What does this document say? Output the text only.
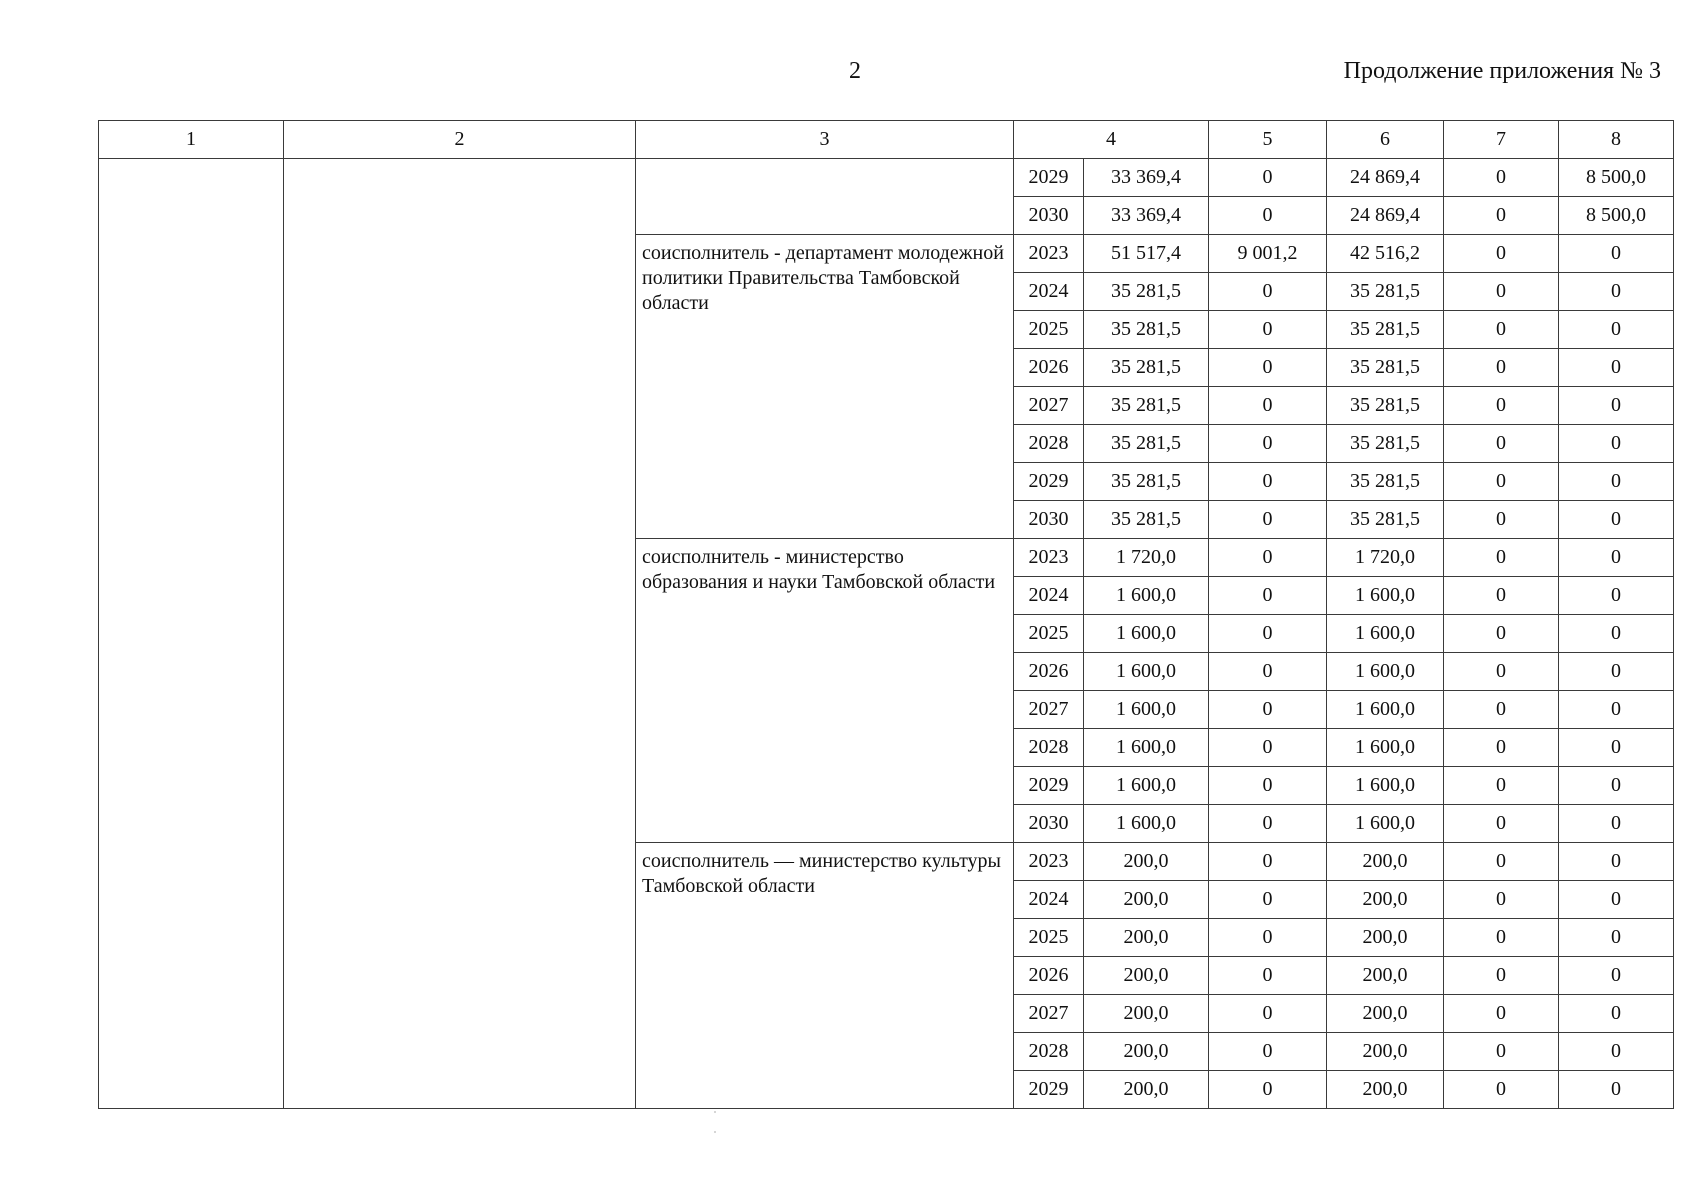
2	Продолжение приложения № 3
1	2	3	4		5	6	7	8
			2029	33 369,4	0	24 869,4	0	8 500,0
			2030	33 369,4	0	24 869,4	0	8 500,0
		соисполнитель - департамент молодежной политики Правительства Тамбовской области	2023	51 517,4	9 001,2	42 516,2	0	0
			2024	35 281,5	0	35 281,5	0	0
			2025	35 281,5	0	35 281,5	0	0
			2026	35 281,5	0	35 281,5	0	0
			2027	35 281,5	0	35 281,5	0	0
			2028	35 281,5	0	35 281,5	0	0
			2029	35 281,5	0	35 281,5	0	0
			2030	35 281,5	0	35 281,5	0	0
		соисполнитель - министерство образования и науки Тамбовской области	2023	1 720,0	0	1 720,0	0	0
			2024	1 600,0	0	1 600,0	0	0
			2025	1 600,0	0	1 600,0	0	0
			2026	1 600,0	0	1 600,0	0	0
			2027	1 600,0	0	1 600,0	0	0
			2028	1 600,0	0	1 600,0	0	0
			2029	1 600,0	0	1 600,0	0	0
			2030	1 600,0	0	1 600,0	0	0
		соисполнитель — министерство культуры Тамбовской области	2023	200,0	0	200,0	0	0
			2024	200,0	0	200,0	0	0
			2025	200,0	0	200,0	0	0
			2026	200,0	0	200,0	0	0
			2027	200,0	0	200,0	0	0
			2028	200,0	0	200,0	0	0
			2029	200,0	0	200,0	0	0
